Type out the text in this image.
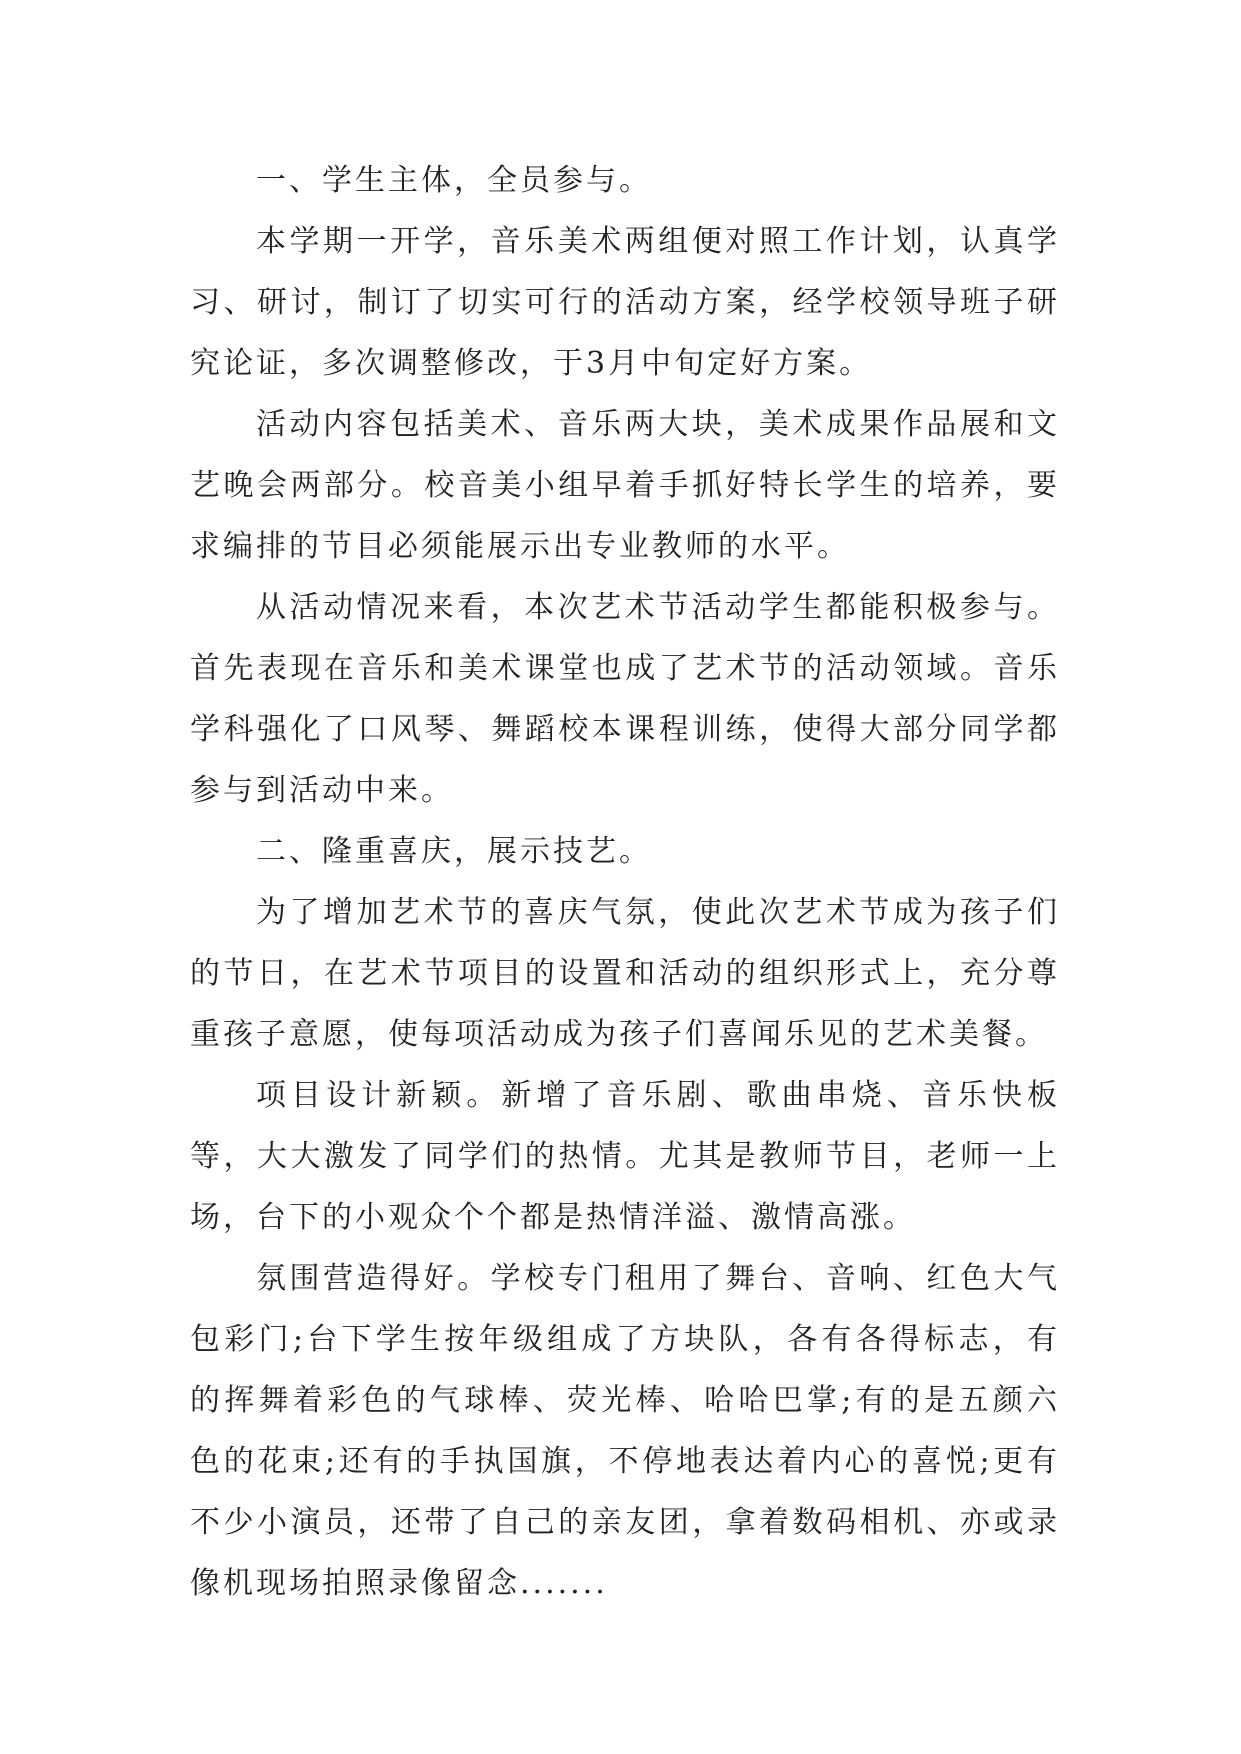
一、学生主体，全员参与。

本学期一开学，音乐美术两组便对照工作计划，认真学习、研讨，制订了切实可行的活动方案，经学校领导班子研究论证，多次调整修改，于3月中旬定好方案。

活动内容包括美术、音乐两大块，美术成果作品展和文艺晚会两部分。校音美小组早着手抓好特长学生的培养，要求编排的节目必须能展示出专业教师的水平。

从活动情况来看，本次艺术节活动学生都能积极参与。首先表现在音乐和美术课堂也成了艺术节的活动领域。音乐学科强化了口风琴、舞蹈校本课程训练，使得大部分同学都参与到活动中来。

二、隆重喜庆，展示技艺。

为了增加艺术节的喜庆气氛，使此次艺术节成为孩子们的节日，在艺术节项目的设置和活动的组织形式上，充分尊重孩子意愿，使每项活动成为孩子们喜闻乐见的艺术美餐。

项目设计新颖。新增了音乐剧、歌曲串烧、音乐快板等，大大激发了同学们的热情。尤其是教师节目，老师一上场，台下的小观众个个都是热情洋溢、激情高涨。

氛围营造得好。学校专门租用了舞台、音响、红色大气包彩门;台下学生按年级组成了方块队，各有各得标志，有的挥舞着彩色的气球棒、荧光棒、哈哈巴掌;有的是五颜六色的花束;还有的手执国旗，不停地表达着内心的喜悦;更有不少小演员，还带了自己的亲友团，拿着数码相机、亦或录像机现场拍照录像留念.......
